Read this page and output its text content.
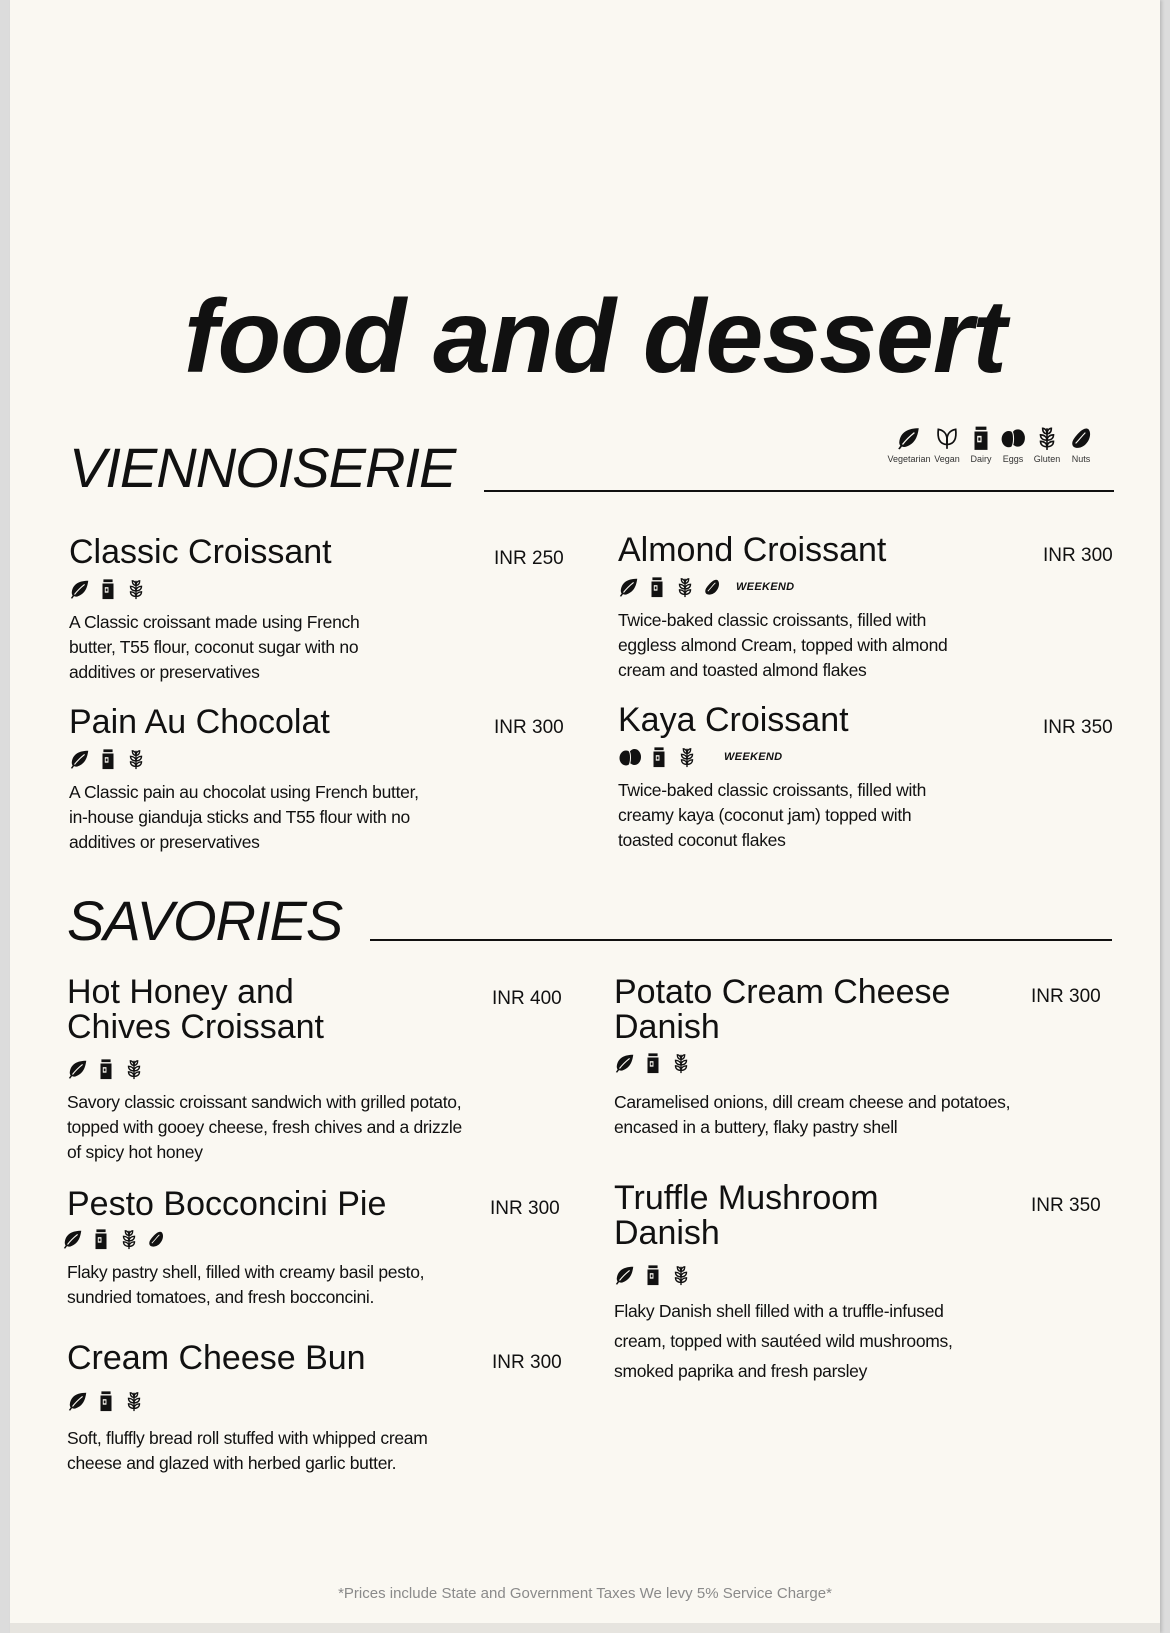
food and dessert
VIENNOISERIE	Vegetarian Vegan Dairy Eggs Gluten Nuts
Classic Croissant
A Classic croissant made using French
butter, T55 flour, coconut sugar with no
additives or preservatives
INR 250 Almond Croissant
WEEKEND
Twice-baked classic croissants, filled with
eggless almond Cream, topped with almond
cream and toasted almond flakes
INR 300
Pain Au Chocolat
A Classic pain au chocolat using French butter,
in-house gianduja sticks and T55 flour with no
additives or preservatives
INR 300 Kaya Croissant
WEEKEND
Twice-baked classic croissants, filled with
creamy kaya (coconut jam) topped with
toasted coconut flakes
INR 350
SAVORIES
Hot Honey and
Chives Croissant
Savory classic croissant sandwich with grilled potato,
topped with gooey cheese, fresh chives and a drizzle
of spicy hot honey
INR 400 Potato Cream Cheese
Danish
Caramelised onions, dill cream cheese and potatoes,
encased in a buttery, flaky pastry shell
INR 300
Pesto Bocconcini Pie
Flaky pastry shell, filled with creamy basil pesto,
sundried tomatoes, and fresh bocconcini.
INR 300 Truffle Mushroom
Danish
Flaky Danish shell filled with a truffle-infused
cream, topped with sautéed wild mushrooms,
smoked paprika and fresh parsley
INR 350
Cream Cheese Bun
Soft, fluffly bread roll stuffed with whipped cream
cheese and glazed with herbed garlic butter.
INR 300
*Prices include State and Government Taxes We levy 5% Service Charge*
